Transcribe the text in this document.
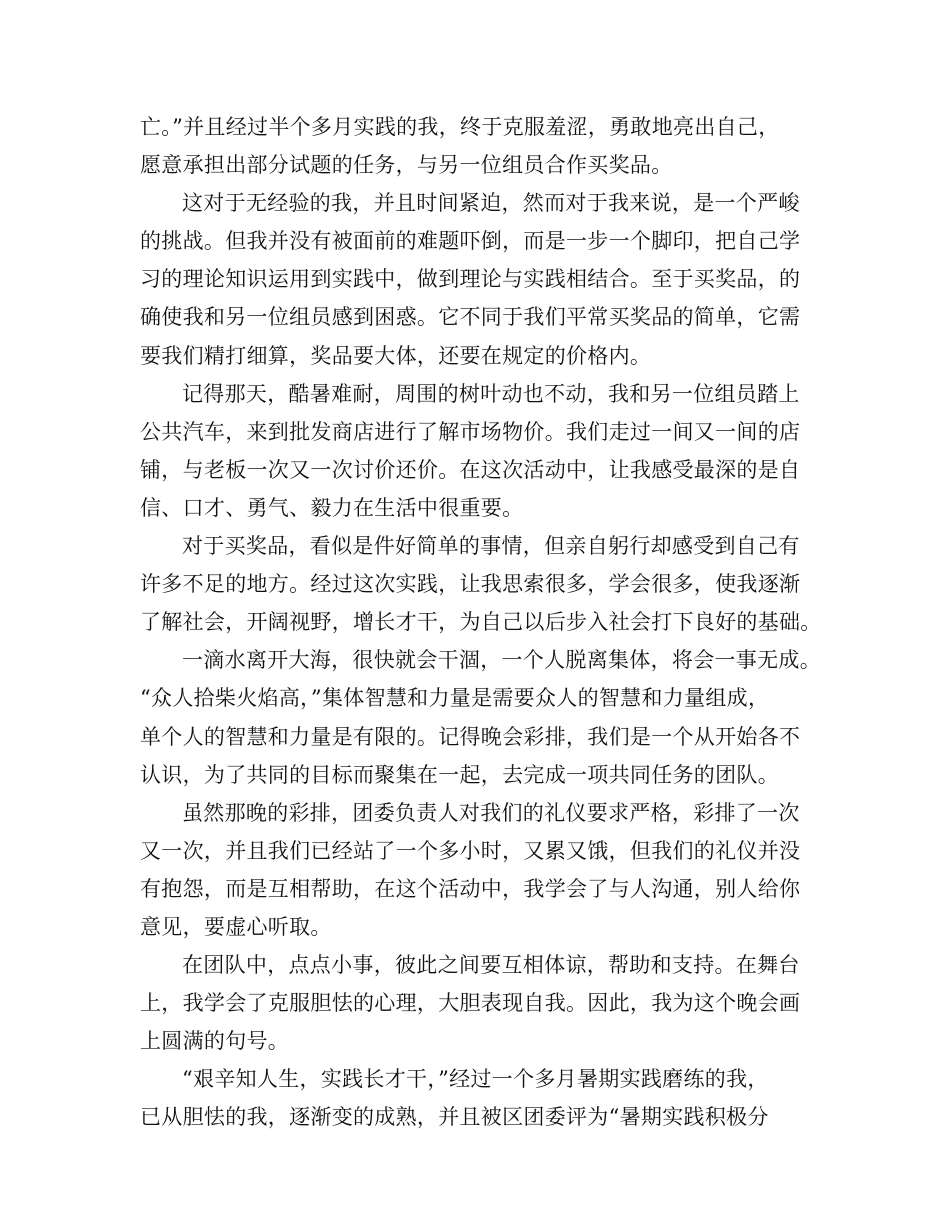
亡。”并且经过半个多月实践的我，终于克服羞涩，勇敢地亮出自己，
愿意承担出部分试题的任务，与另一位组员合作买奖品。
这对于无经验的我，并且时间紧迫，然而对于我来说，是一个严峻
的挑战。但我并没有被面前的难题吓倒，而是一步一个脚印，把自己学
习的理论知识运用到实践中，做到理论与实践相结合。至于买奖品，的
确使我和另一位组员感到困惑。它不同于我们平常买奖品的简单，它需
要我们精打细算，奖品要大体，还要在规定的价格内。
记得那天，酷暑难耐，周围的树叶动也不动，我和另一位组员踏上
公共汽车，来到批发商店进行了解市场物价。我们走过一间又一间的店
铺，与老板一次又一次讨价还价。在这次活动中，让我感受最深的是自
信、口才、勇气、毅力在生活中很重要。
对于买奖品，看似是件好简单的事情，但亲自躬行却感受到自己有
许多不足的地方。经过这次实践，让我思索很多，学会很多，使我逐渐
了解社会，开阔视野，增长才干，为自己以后步入社会打下良好的基础。
一滴水离开大海，很快就会干涸，一个人脱离集体，将会一事无成。
“众人拾柴火焰高，”集体智慧和力量是需要众人的智慧和力量组成，
单个人的智慧和力量是有限的。记得晚会彩排，我们是一个从开始各不
认识，为了共同的目标而聚集在一起，去完成一项共同任务的团队。
虽然那晚的彩排，团委负责人对我们的礼仪要求严格，彩排了一次
又一次，并且我们已经站了一个多小时，又累又饿，但我们的礼仪并没
有抱怨，而是互相帮助，在这个活动中，我学会了与人沟通，别人给你
意见，要虚心听取。
在团队中，点点小事，彼此之间要互相体谅，帮助和支持。在舞台
上，我学会了克服胆怯的心理，大胆表现自我。因此，我为这个晚会画
上圆满的句号。
“艰辛知人生，实践长才干，”经过一个多月暑期实践磨练的我，
已从胆怯的我，逐渐变的成熟，并且被区团委评为“暑期实践积极分
